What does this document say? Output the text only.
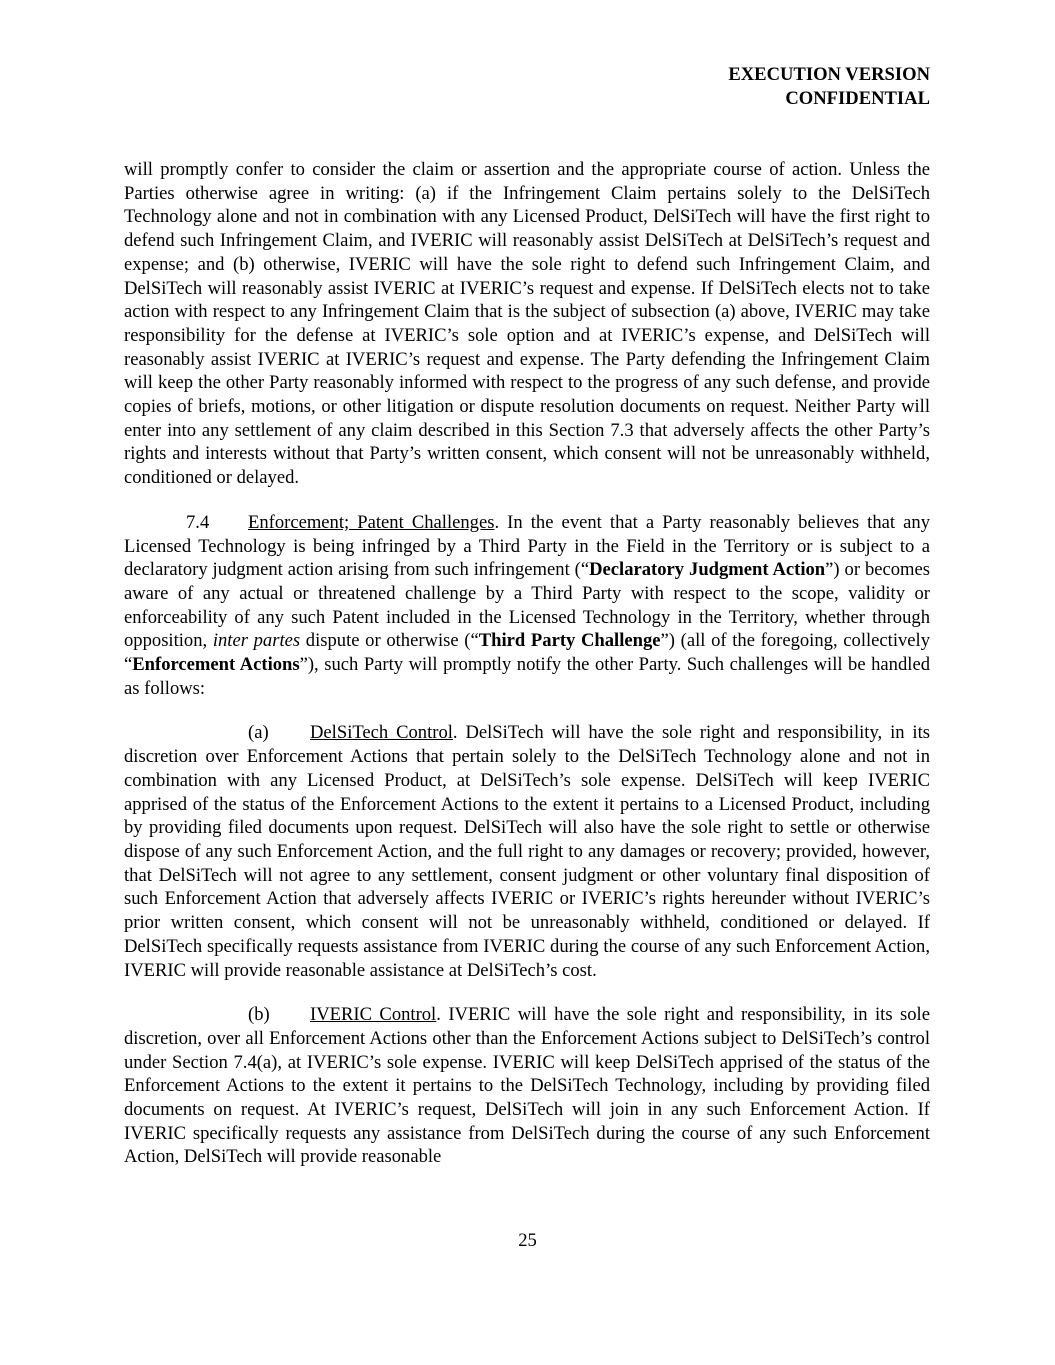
EXECUTION VERSION
CONFIDENTIAL

will promptly confer to consider the claim or assertion and the appropriate course of action. Unless the Parties otherwise agree in writing: (a) if the Infringement Claim pertains solely to the DelSiTech Technology alone and not in combination with any Licensed Product, DelSiTech will have the first right to defend such Infringement Claim, and IVERIC will reasonably assist DelSiTech at DelSiTech’s request and expense; and (b) otherwise, IVERIC will have the sole right to defend such Infringement Claim, and DelSiTech will reasonably assist IVERIC at IVERIC’s request and expense. If DelSiTech elects not to take action with respect to any Infringement Claim that is the subject of subsection (a) above, IVERIC may take responsibility for the defense at IVERIC’s sole option and at IVERIC’s expense, and DelSiTech will reasonably assist IVERIC at IVERIC’s request and expense. The Party defending the Infringement Claim will keep the other Party reasonably informed with respect to the progress of any such defense, and provide copies of briefs, motions, or other litigation or dispute resolution documents on request. Neither Party will enter into any settlement of any claim described in this Section 7.3 that adversely affects the other Party’s rights and interests without that Party’s written consent, which consent will not be unreasonably withheld, conditioned or delayed.

7.4 Enforcement; Patent Challenges. In the event that a Party reasonably believes that any Licensed Technology is being infringed by a Third Party in the Field in the Territory or is subject to a declaratory judgment action arising from such infringement (“Declaratory Judgment Action”) or becomes aware of any actual or threatened challenge by a Third Party with respect to the scope, validity or enforceability of any such Patent included in the Licensed Technology in the Territory, whether through opposition, inter partes dispute or otherwise (“Third Party Challenge”) (all of the foregoing, collectively “Enforcement Actions”), such Party will promptly notify the other Party. Such challenges will be handled as follows:

(a) DelSiTech Control. DelSiTech will have the sole right and responsibility, in its discretion over Enforcement Actions that pertain solely to the DelSiTech Technology alone and not in combination with any Licensed Product, at DelSiTech’s sole expense. DelSiTech will keep IVERIC apprised of the status of the Enforcement Actions to the extent it pertains to a Licensed Product, including by providing filed documents upon request. DelSiTech will also have the sole right to settle or otherwise dispose of any such Enforcement Action, and the full right to any damages or recovery; provided, however, that DelSiTech will not agree to any settlement, consent judgment or other voluntary final disposition of such Enforcement Action that adversely affects IVERIC or IVERIC’s rights hereunder without IVERIC’s prior written consent, which consent will not be unreasonably withheld, conditioned or delayed. If DelSiTech specifically requests assistance from IVERIC during the course of any such Enforcement Action, IVERIC will provide reasonable assistance at DelSiTech’s cost.

(b) IVERIC Control. IVERIC will have the sole right and responsibility, in its sole discretion, over all Enforcement Actions other than the Enforcement Actions subject to DelSiTech’s control under Section 7.4(a), at IVERIC’s sole expense. IVERIC will keep DelSiTech apprised of the status of the Enforcement Actions to the extent it pertains to the DelSiTech Technology, including by providing filed documents on request. At IVERIC’s request, DelSiTech will join in any such Enforcement Action. If IVERIC specifically requests any assistance from DelSiTech during the course of any such Enforcement Action, DelSiTech will provide reasonable

25
